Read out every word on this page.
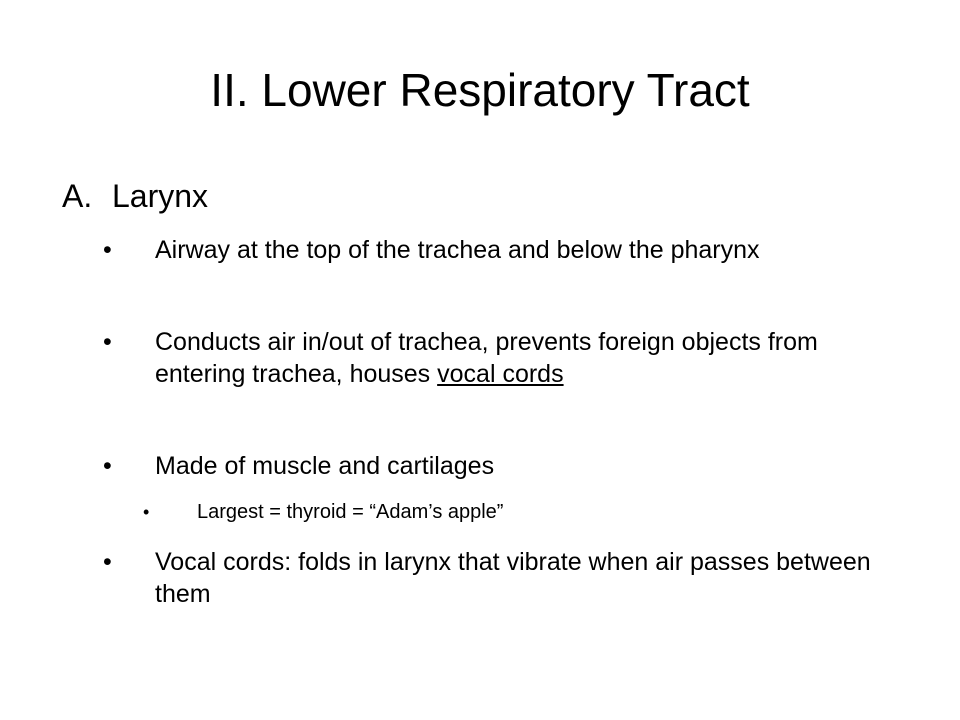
II. Lower Respiratory Tract
A. Larynx
• Airway at the top of the trachea and below the pharynx
• Conducts air in/out of trachea, prevents foreign objects from entering trachea, houses vocal cords
• Made of muscle and cartilages
• Largest = thyroid = “Adam’s apple”
• Vocal cords: folds in larynx that vibrate when air passes between them
